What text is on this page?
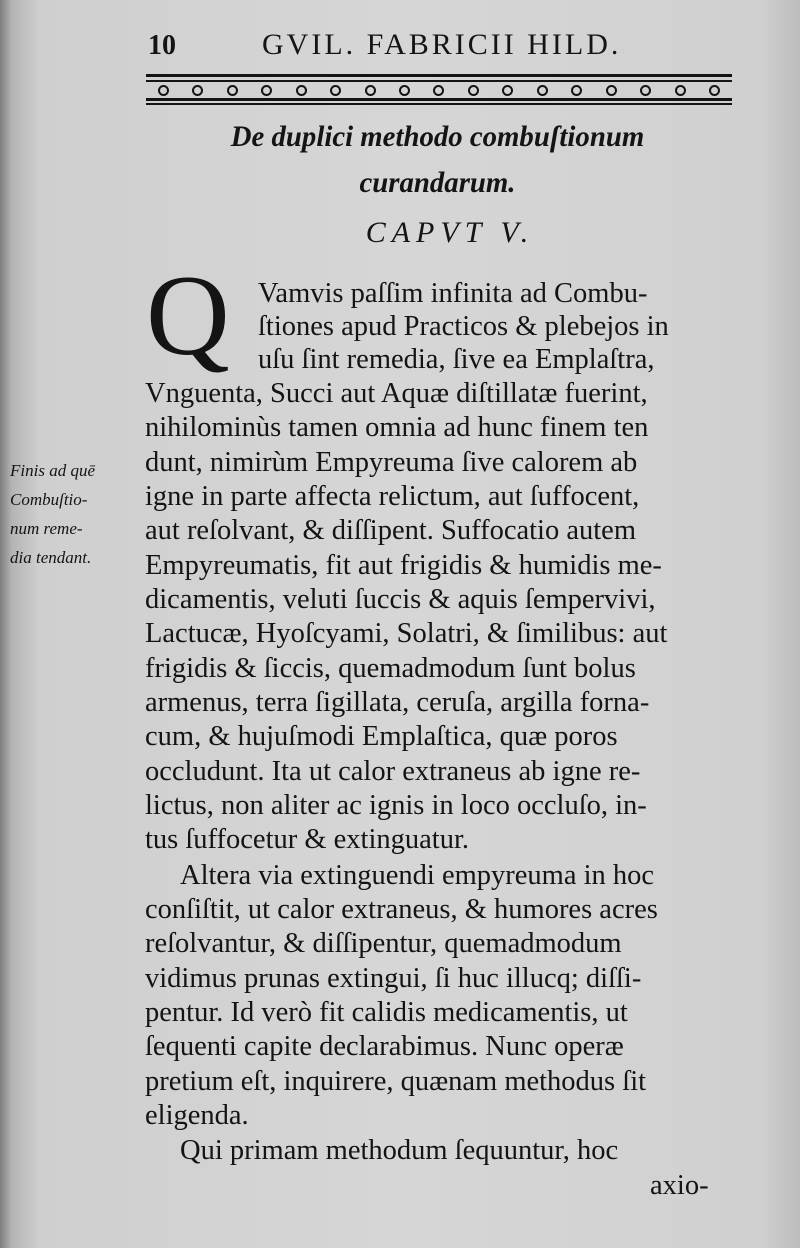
10	GVIL. FABRICII HILD.
De duplici methodo combuſtionum
curandarum.
CAPVT V.
Q
Finis ad quē
Combuſtio-
num reme-
dia tendant.
Vamvis paſſim infinita ad Combu-
ſtiones apud Practicos & plebejos in
uſu ſint remedia, ſive ea Emplaſtra,
Vnguenta, Succi aut Aquæ diſtillatæ fuerint,
nihilominùs tamen omnia ad hunc finem ten
dunt, nimirùm Empyreuma ſive calorem ab
igne in parte affecta relictum, aut ſuffocent,
aut reſolvant, & diſſipent. Suffocatio autem
Empyreumatis, fit aut frigidis & humidis me-
dicamentis, veluti ſuccis & aquis ſempervivi,
Lactucæ, Hyoſcyami, Solatri, & ſimilibus: aut
frigidis & ſiccis, quemadmodum ſunt bolus
armenus, terra ſigillata, ceruſa, argilla forna-
cum, & hujuſmodi Emplaſtica, quæ poros
occludunt. Ita ut calor extraneus ab igne re-
lictus, non aliter ac ignis in loco occluſo, in-
tus ſuffocetur & extinguatur.
Altera via extinguendi empyreuma in hoc
conſiſtit, ut calor extraneus, & humores acres
reſolvantur, & diſſipentur, quemadmodum
vidimus prunas extingui, ſi huc illucq; diſſi-
pentur. Id verò fit calidis medicamentis, ut
ſequenti capite declarabimus. Nunc operæ
pretium eſt, inquirere, quænam methodus ſit
eligenda.
Qui primam methodum ſequuntur, hoc
axio-
